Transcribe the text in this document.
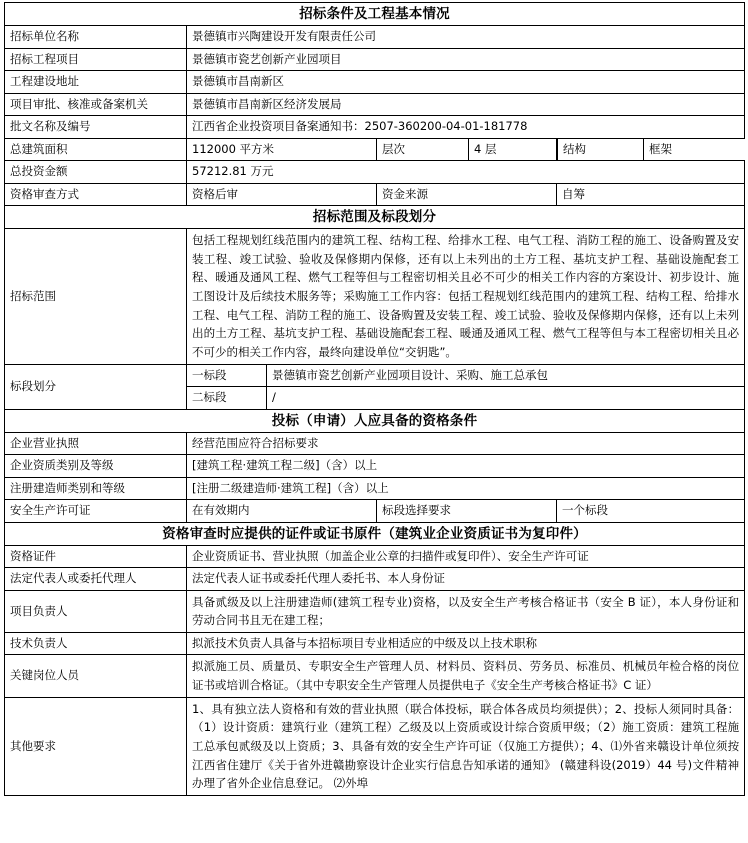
招标条件及工程基本情况
招标单位名称	景德镇市兴陶建设开发有限责任公司
招标工程项目	景德镇市瓷艺创新产业园项目
工程建设地址	景德镇市昌南新区
项目审批、核准或备案机关	景德镇市昌南新区经济发展局
批文名称及编号	江西省企业投资项目备案通知书：2507-360200-04-01-181778
总建筑面积	112000 平方米	层次	4 层		结构	框架

总投资金额	57212.81 万元
资格审查方式	资格后审	资金来源	自筹
招标范围及标段划分
招标范围	包括工程规划红线范围内的建筑工程、结构工程、给排水工程、电气工程、消防工程的施工、设备购置及安装工程、竣工试验、验收及保修期内保修，还有以上未列出的土方工程、基坑支护工程、基础设施配套工程、暖通及通风工程、燃气工程等但与工程密切相关且必不可少的相关工作内容的方案设计、初步设计、施工图设计及后续技术服务等；采购施工工作内容：包括工程规划红线范围内的建筑工程、结构工程、给排水工程、电气工程、消防工程的施工、设备购置及安装工程、竣工试验、验收及保修期内保修，还有以上未列出的土方工程、基坑支护工程、基础设施配套工程、暖通及通风工程、燃气工程等但与本工程密切相关且必不可少的相关工作内容，最终向建设单位“交钥匙”。
标段划分	一标段	景德镇市瓷艺创新产业园项目设计、采购、施工总承包
二标段	/
投标（申请）人应具备的资格条件
企业营业执照	经营范围应符合招标要求
企业资质类别及等级	[建筑工程·建筑工程二级]（含）以上
注册建造师类别和等级	[注册二级建造师·建筑工程]（含）以上
安全生产许可证	在有效期内	标段选择要求	一个标段
资格审查时应提供的证件或证书原件（建筑业企业资质证书为复印件）
资格证件	企业资质证书、营业执照（加盖企业公章的扫描件或复印件）、安全生产许可证
法定代表人或委托代理人	法定代表人证书或委托代理人委托书、本人身份证
项目负责人	具备贰级及以上注册建造师(建筑工程专业)资格，以及安全生产考核合格证书（安全 B 证），本人身份证和劳动合同书且无在建工程；
技术负责人	拟派技术负责人具备与本招标项目专业相适应的中级及以上技术职称
关键岗位人员	拟派施工员、质量员、专职安全生产管理人员、材料员、资料员、劳务员、标准员、机械员年检合格的岗位证书或培训合格证。（其中专职安全生产管理人员提供电子《安全生产考核合格证书》C 证）
其他要求	1、具有独立法人资格和有效的营业执照（联合体投标，联合体各成员均须提供）；2、投标人须同时具备：（1）设计资质：建筑行业（建筑工程）乙级及以上资质或设计综合资质甲级；（2）施工资质：建筑工程施工总承包贰级及以上资质；3、具备有效的安全生产许可证（仅施工方提供）；4、⑴外省来赣设计单位须按江西省住建厅《关于省外进赣勘察设计企业实行信息告知承诺的通知》 (赣建科设(2019）44 号)文件精神办理了省外企业信息登记。 ⑵外埠
